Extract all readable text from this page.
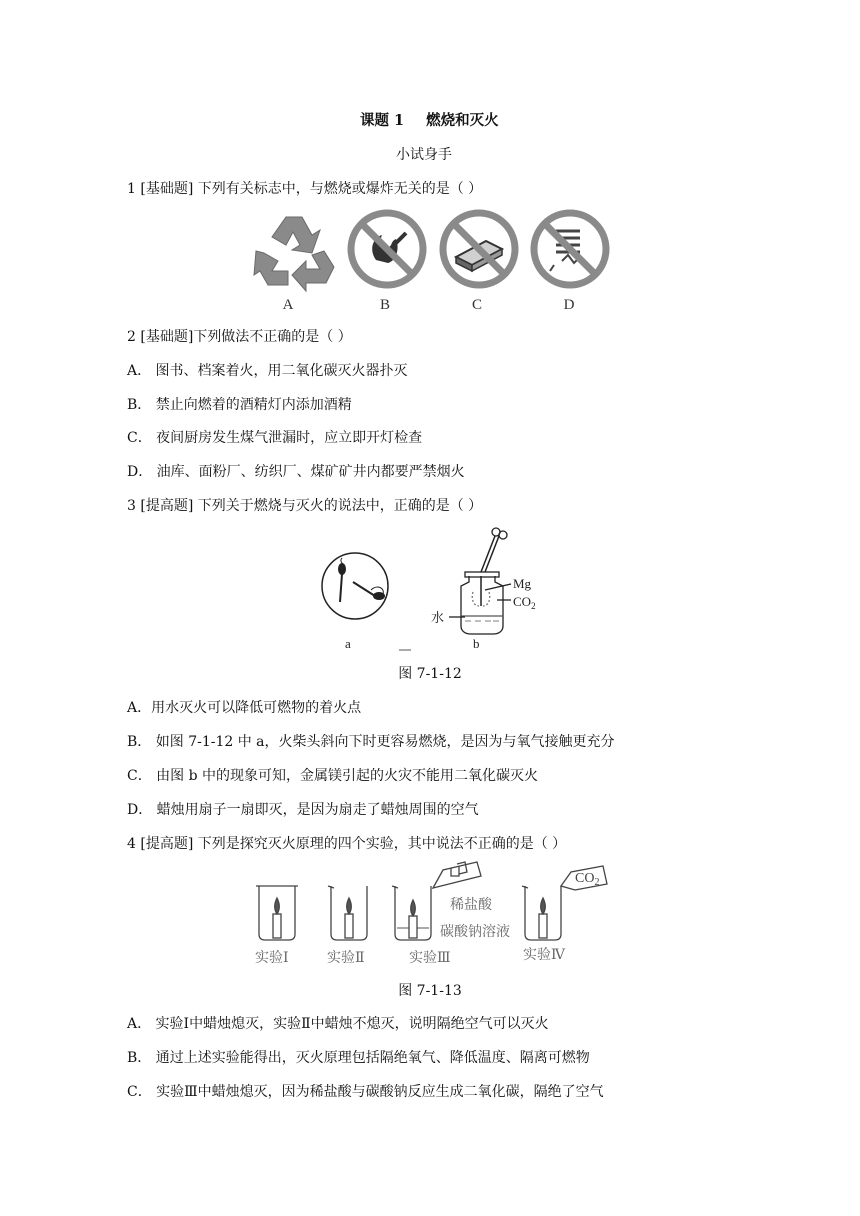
课题 1 燃烧和灭火
小试身手
1 [基础题] 下列有关标志中，与燃烧或爆炸无关的是（ ）
A	B	C	D
2 [基础题]下列做法不正确的是（ ）
A． 图书、档案着火，用二氧化碳灭火器扑灭
B． 禁止向燃着的酒精灯内添加酒精
C． 夜间厨房发生煤气泄漏时，应立即开灯检查
D． 油库、面粉厂、纺织厂、煤矿矿井内都要严禁烟火
3 [提高题] 下列关于燃烧与灭火的说法中，正确的是（ ）
a
Mg
$CO_2$
水
b
图 7-1-12
A．用水灭火可以降低可燃物的着火点
B． 如图 7-1-12 中 a，火柴头斜向下时更容易燃烧，是因为与氧气接触更充分
C． 由图 b 中的现象可知，金属镁引起的火灾不能用二氧化碳灭火
D． 蜡烛用扇子一扇即灭，是因为扇走了蜡烛周围的空气
4 [提高题] 下列是探究灭火原理的四个实验，其中说法不正确的是（ ）
实验Ⅰ	实验Ⅱ	实验Ⅲ
稀盐酸
碳酸钠溶液
$CO_2$
实验Ⅳ
图 7-1-13
A． 实验Ⅰ中蜡烛熄灭，实验Ⅱ中蜡烛不熄灭，说明隔绝空气可以灭火
B． 通过上述实验能得出，灭火原理包括隔绝氧气、降低温度、隔离可燃物
C． 实验Ⅲ中蜡烛熄灭，因为稀盐酸与碳酸钠反应生成二氧化碳，隔绝了空气
